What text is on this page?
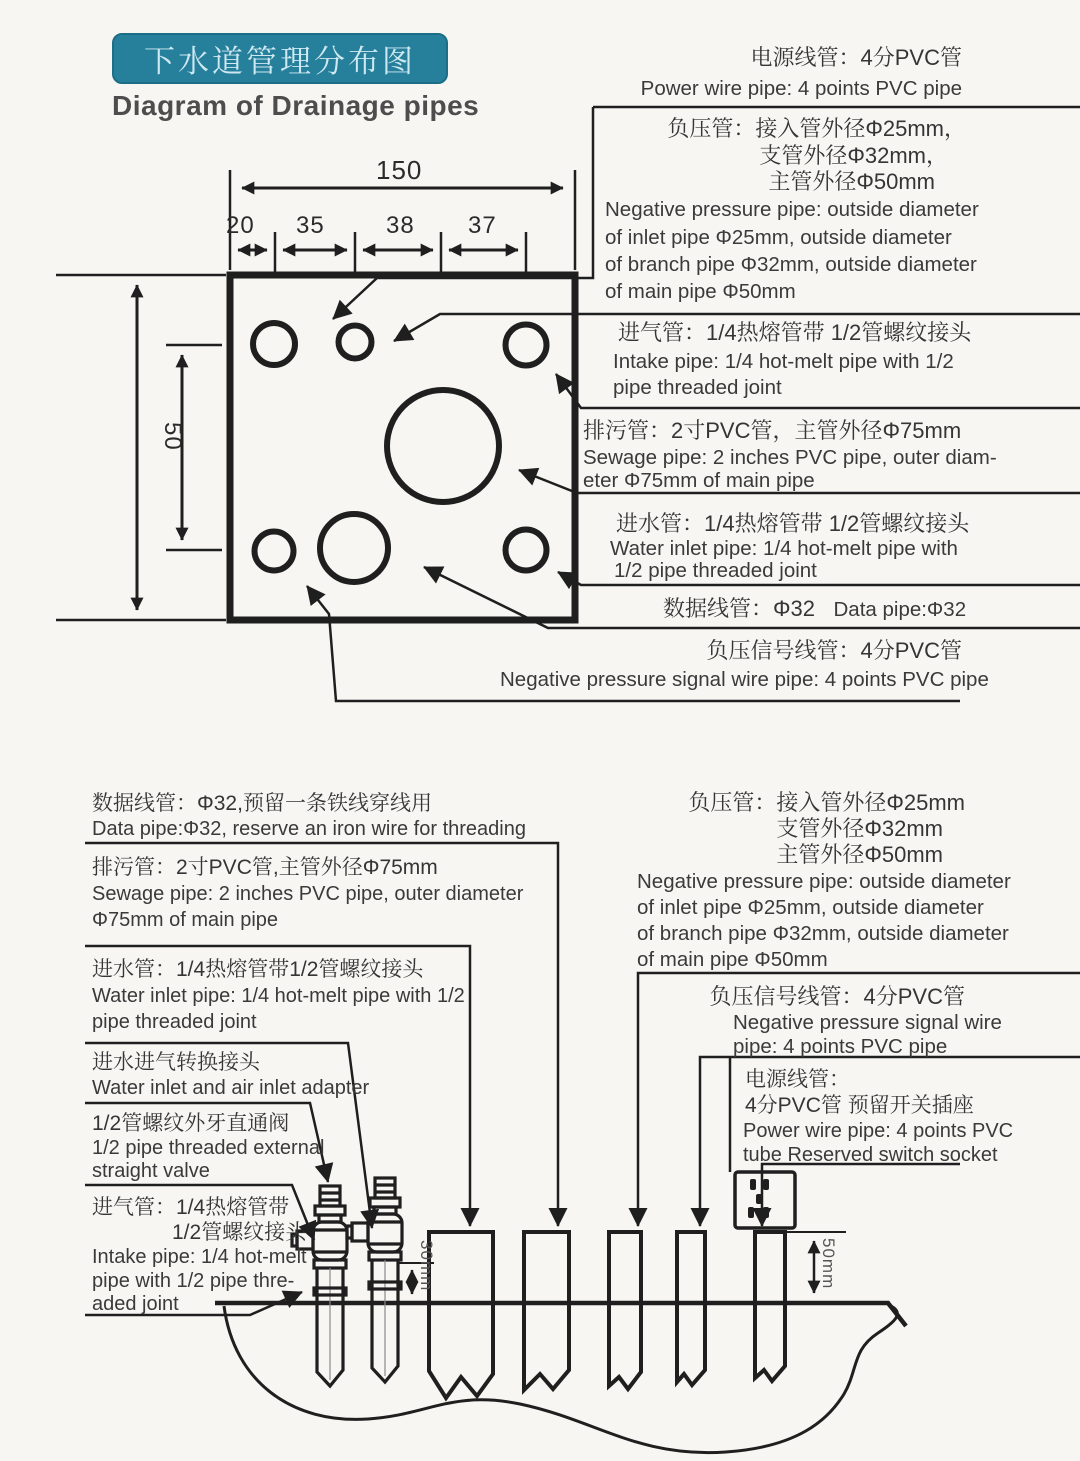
下水道管理分布图
Diagram of Drainage pipes
150
20 35	38 37
50
30mm	50mm
电源线管：4分PVC管
Power wire pipe: 4 points PVC pipe
负压管：接入管外径Φ25mm，
支管外径Φ32mm，
主管外径Φ50mm
Negative pressure pipe: outside diameter
of inlet pipe Φ25mm, outside diameter
of branch pipe Φ32mm, outside diameter
of main pipe Φ50mm
进气管：1/4热熔管带 1/2管螺纹接头
Intake pipe: 1/4 hot-melt pipe with 1/2
pipe threaded joint
排污管：2寸PVC管，主管外径Φ75mm
Sewage pipe: 2 inches PVC pipe, outer diam-
eter Φ75mm of main pipe
进水管：1/4热熔管带 1/2管螺纹接头
Water inlet pipe: 1/4 hot-melt pipe with
1/2 pipe threaded joint
数据线管：Φ32 Data pipe:Φ32
负压信号线管：4分PVC管
Negative pressure signal wire pipe: 4 points PVC pipe
数据线管：Φ32,预留一条铁线穿线用
Data pipe:Φ32, reserve an iron wire for threading
排污管：2寸PVC管,主管外径Φ75mm
Sewage pipe: 2 inches PVC pipe, outer diameter
Φ75mm of main pipe
进水管：1/4热熔管带1/2管螺纹接头
Water inlet pipe: 1/4 hot-melt pipe with 1/2
pipe threaded joint
进水进气转换接头
Water inlet and air inlet adapter
1/2管螺纹外牙直通阀
1/2 pipe threaded external
straight valve
进气管：1/4热熔管带
1/2管螺纹接头
Intake pipe: 1/4 hot-melt
pipe with 1/2 pipe thre-
aded joint
负压管：接入管外径Φ25mm
支管外径Φ32mm
主管外径Φ50mm
Negative pressure pipe: outside diameter
of inlet pipe Φ25mm, outside diameter
of branch pipe Φ32mm, outside diameter
of main pipe Φ50mm
负压信号线管：4分PVC管
Negative pressure signal wire
pipe: 4 points PVC pipe
电源线管：
4分PVC管 预留开关插座
Power wire pipe: 4 points PVC
tube Reserved switch socket
